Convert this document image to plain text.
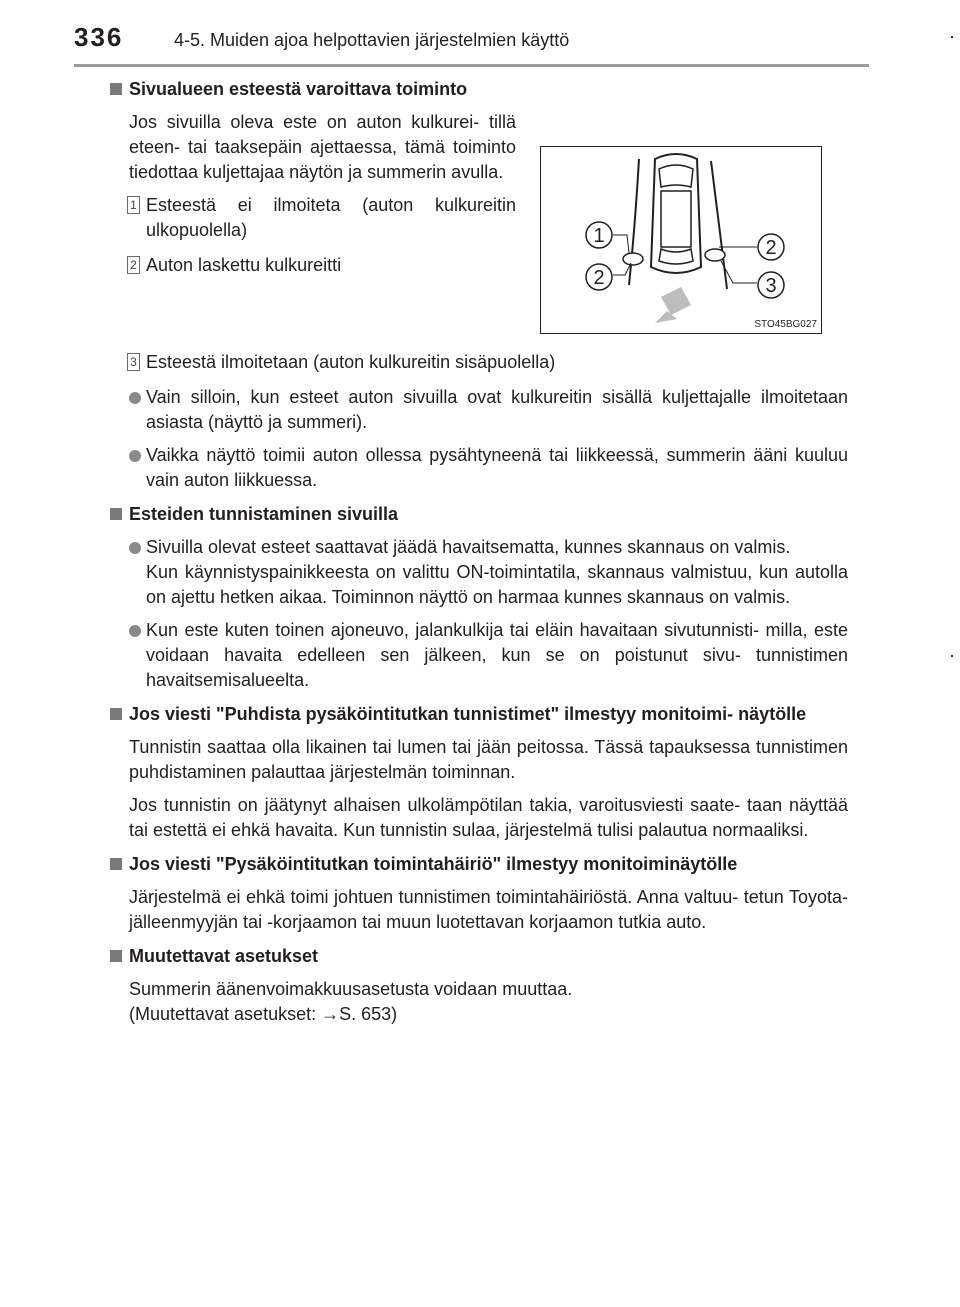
336	4-5. Muiden ajoa helpottavien järjestelmien käyttö
Sivualueen esteestä varoittava toiminto

Jos sivuilla oleva este on auton kulkurei- tillä eteen- tai taaksepäin ajettaessa, tämä toiminto tiedottaa kuljettajaa näytön ja summerin avulla.

1 Esteestä ei ilmoiteta (auton kulkureitin ulkopuolella)
2 Auton laskettu kulkureitti
1
2
2	3
STO45BG027
3 Esteestä ilmoitetaan (auton kulkureitin sisäpuolella)
Vain silloin, kun esteet auton sivuilla ovat kulkureitin sisällä kuljettajalle ilmoitetaan asiasta (näyttö ja summeri).
Vaikka näyttö toimii auton ollessa pysähtyneenä tai liikkeessä, summerin ääni kuuluu vain auton liikkuessa.
Esteiden tunnistaminen sivuilla
Sivuilla olevat esteet saattavat jäädä havaitsematta, kunnes skannaus on valmis.
Kun käynnistyspainikkeesta on valittu ON-toimintatila, skannaus valmistuu, kun autolla on ajettu hetken aikaa. Toiminnon näyttö on harmaa kunnes skannaus on valmis.
Kun este kuten toinen ajoneuvo, jalankulkija tai eläin havaitaan sivutunnisti- milla, este voidaan havaita edelleen sen jälkeen, kun se on poistunut sivu- tunnistimen havaitsemisalueelta.
Jos viesti "Puhdista pysäköintitutkan tunnistimet" ilmestyy monitoimi- näytölle

Tunnistin saattaa olla likainen tai lumen tai jään peitossa. Tässä tapauksessa tunnistimen puhdistaminen palauttaa järjestelmän toiminnan.

Jos tunnistin on jäätynyt alhaisen ulkolämpötilan takia, varoitusviesti saate- taan näyttää tai estettä ei ehkä havaita. Kun tunnistin sulaa, järjestelmä tulisi palautua normaaliksi.

Jos viesti "Pysäköintitutkan toimintahäiriö" ilmestyy monitoiminäytölle

Järjestelmä ei ehkä toimi johtuen tunnistimen toimintahäiriöstä. Anna valtuu- tetun Toyota-jälleenmyyjän tai -korjaamon tai muun luotettavan korjaamon tutkia auto.

Muutettavat asetukset

Summerin äänenvoimakkuusasetusta voidaan muuttaa.

(Muutettavat asetukset: →S. 653)
